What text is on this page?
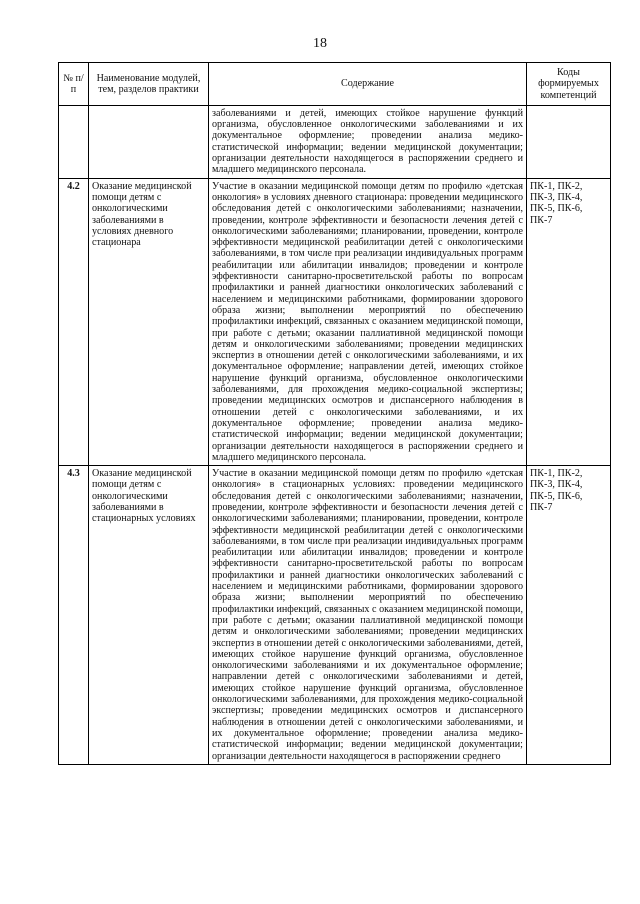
18
№ п/п	Наименование модулей, тем, разделов практики	Содержание	Коды формируемых компетенций
		заболеваниями и детей, имеющих стойкое нарушение функций организма, обусловленное онкологическими заболеваниями и их документальное оформление; проведении анализа медико-статистической информации; ведении медицинской документации; организации деятельности находящегося в распоряжении среднего и младшего медицинского персонала.	
4.2	Оказание медицинской помощи детям с онкологическими заболеваниями в условиях дневного стационара	Участие в оказании медицинской помощи детям по профилю «детская онкология» в условиях дневного стационара: проведении медицинского обследования детей с онкологическими заболеваниями; назначении, проведении, контроле эффективности и безопасности лечения детей с онкологическими заболеваниями; планировании, проведении, контроле эффективности медицинской реабилитации детей с онкологическими заболеваниями, в том числе при реализации индивидуальных программ реабилитации или абилитации инвалидов; проведении и контроле эффективности санитарно-просветительской работы по вопросам профилактики и ранней диагностики онкологических заболеваний с населением и медицинскими работниками, формировании здорового образа жизни; выполнении мероприятий по обеспечению профилактики инфекций, связанных с оказанием медицинской помощи, при работе с детьми; оказании паллиативной медицинской помощи детям и онкологическими заболеваниями; проведении медицинских экспертиз в отношении детей с онкологическими заболеваниями, и их документальное оформление; направлении детей, имеющих стойкое нарушение функций организма, обусловленное онкологическими заболеваниями, для прохождения медико-социальной экспертизы; проведении медицинских осмотров и диспансерного наблюдения в отношении детей с онкологическими заболеваниями, и их документальное оформление; проведении анализа медико-статистической информации; ведении медицинской документации; организации деятельности находящегося в распоряжении среднего и младшего медицинского персонала.	ПК-1, ПК-2, ПК-3, ПК-4, ПК-5, ПК-6, ПК-7
4.3	Оказание медицинской помощи детям с онкологическими заболеваниями в стационарных условиях	Участие в оказании медицинской помощи детям по профилю «детская онкология» в стационарных условиях: проведении медицинского обследования детей с онкологическими заболеваниями; назначении, проведении, контроле эффективности и безопасности лечения детей с онкологическими заболеваниями; планировании, проведении, контроле эффективности медицинской реабилитации детей с онкологическими заболеваниями, в том числе при реализации индивидуальных программ реабилитации или абилитации инвалидов; проведении и контроле эффективности санитарно-просветительской работы по вопросам профилактики и ранней диагностики онкологических заболеваний с населением и медицинскими работниками, формировании здорового образа жизни; выполнении мероприятий по обеспечению профилактики инфекций, связанных с оказанием медицинской помощи, при работе с детьми; оказании паллиативной медицинской помощи детям и онкологическими заболеваниями; проведении медицинских экспертиз в отношении детей с онкологическими заболеваниями, детей, имеющих стойкое нарушение функций организма, обусловленное онкологическими заболеваниями и их документальное оформление; направлении детей с онкологическими заболеваниями и детей, имеющих стойкое нарушение функций организма, обусловленное онкологическими заболеваниями, для прохождения медико-социальной экспертизы; проведении медицинских осмотров и диспансерного наблюдения в отношении детей с онкологическими заболеваниями, и их документальное оформление; проведении анализа медико-статистической информации; ведении медицинской документации; организации деятельности находящегося в распоряжении среднего	ПК-1, ПК-2, ПК-3, ПК-4, ПК-5, ПК-6, ПК-7
